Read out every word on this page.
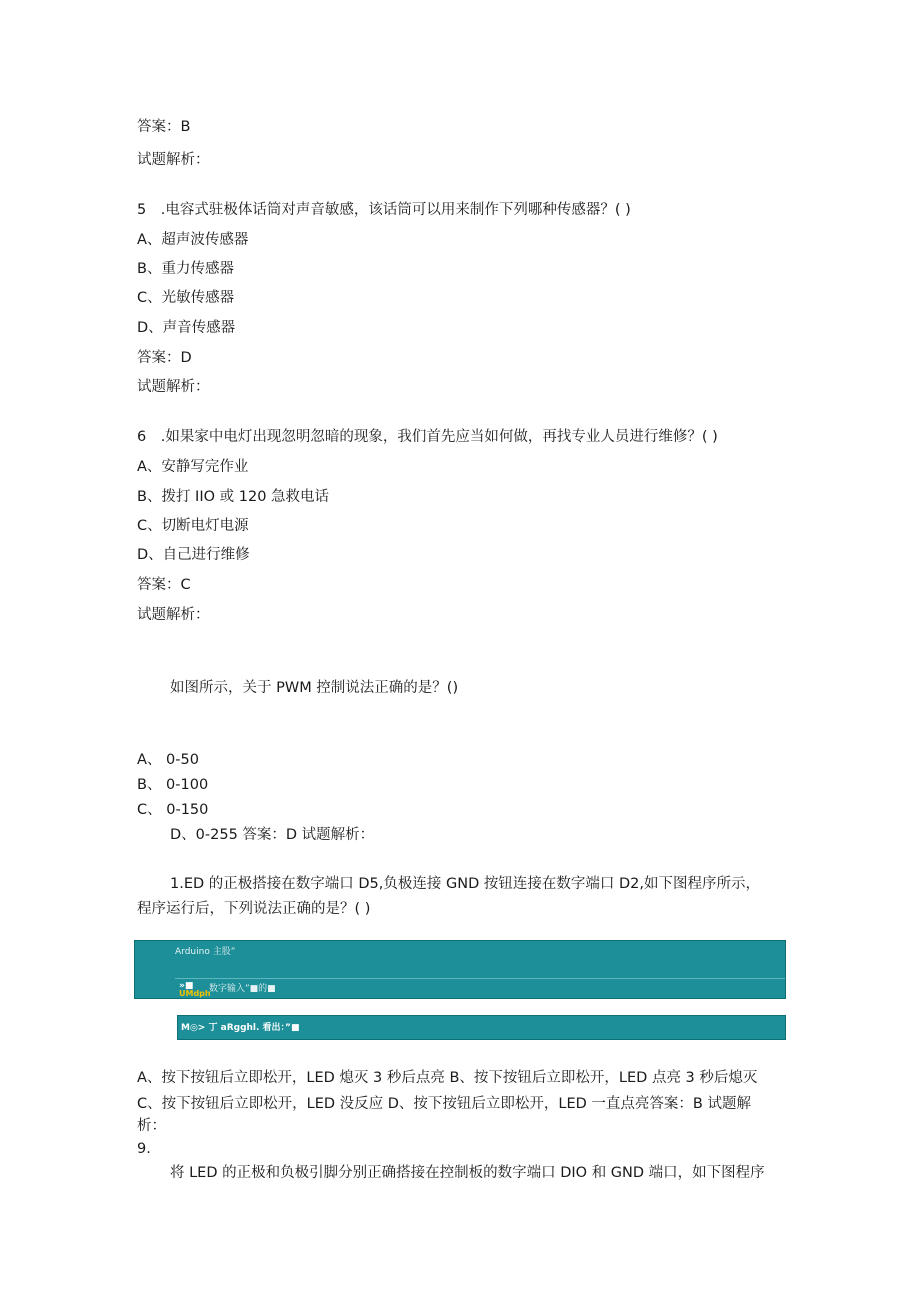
答案：B
试题解析：
5　.电容式驻极体话筒对声音敏感，该话筒可以用来制作下列哪种传感器？( )
A、超声波传感器
B、重力传感器
C、光敏传感器
D、声音传感器
答案：D
试题解析：
6　.如果家中电灯出现忽明忽暗的现象，我们首先应当如何做，再找专业人员进行维修？( )
A、安静写完作业
B、拨打 IIO 或 120 急救电话
C、切断电灯电源
D、自己进行维修
答案：C
试题解析：
如图所示，关于 PWM 控制说法正确的是？()
A、 0-50
B、 0-100
C、 0-150
D、0-255 答案：D 试题解析：
1.ED 的正极搭接在数字端口 D5,负极连接 GND 按钮连接在数字端口 D2,如下图程序所示，
程序运行后，下列说法正确的是？( )
Arduino 主股”
»■ 数字输入”■的■
UMdph
M◎> 丁 aRgghl. 看出：”■
A、按下按钮后立即松开，LED 熄灭 3 秒后点亮 B、按下按钮后立即松开，LED 点亮 3 秒后熄灭
C、按下按钮后立即松开，LED 没反应 D、按下按钮后立即松开，LED 一直点亮答案：B 试题解
析：
9.
将 LED 的正极和负极引脚分别正确搭接在控制板的数字端口 DIO 和 GND 端口，如下图程序
